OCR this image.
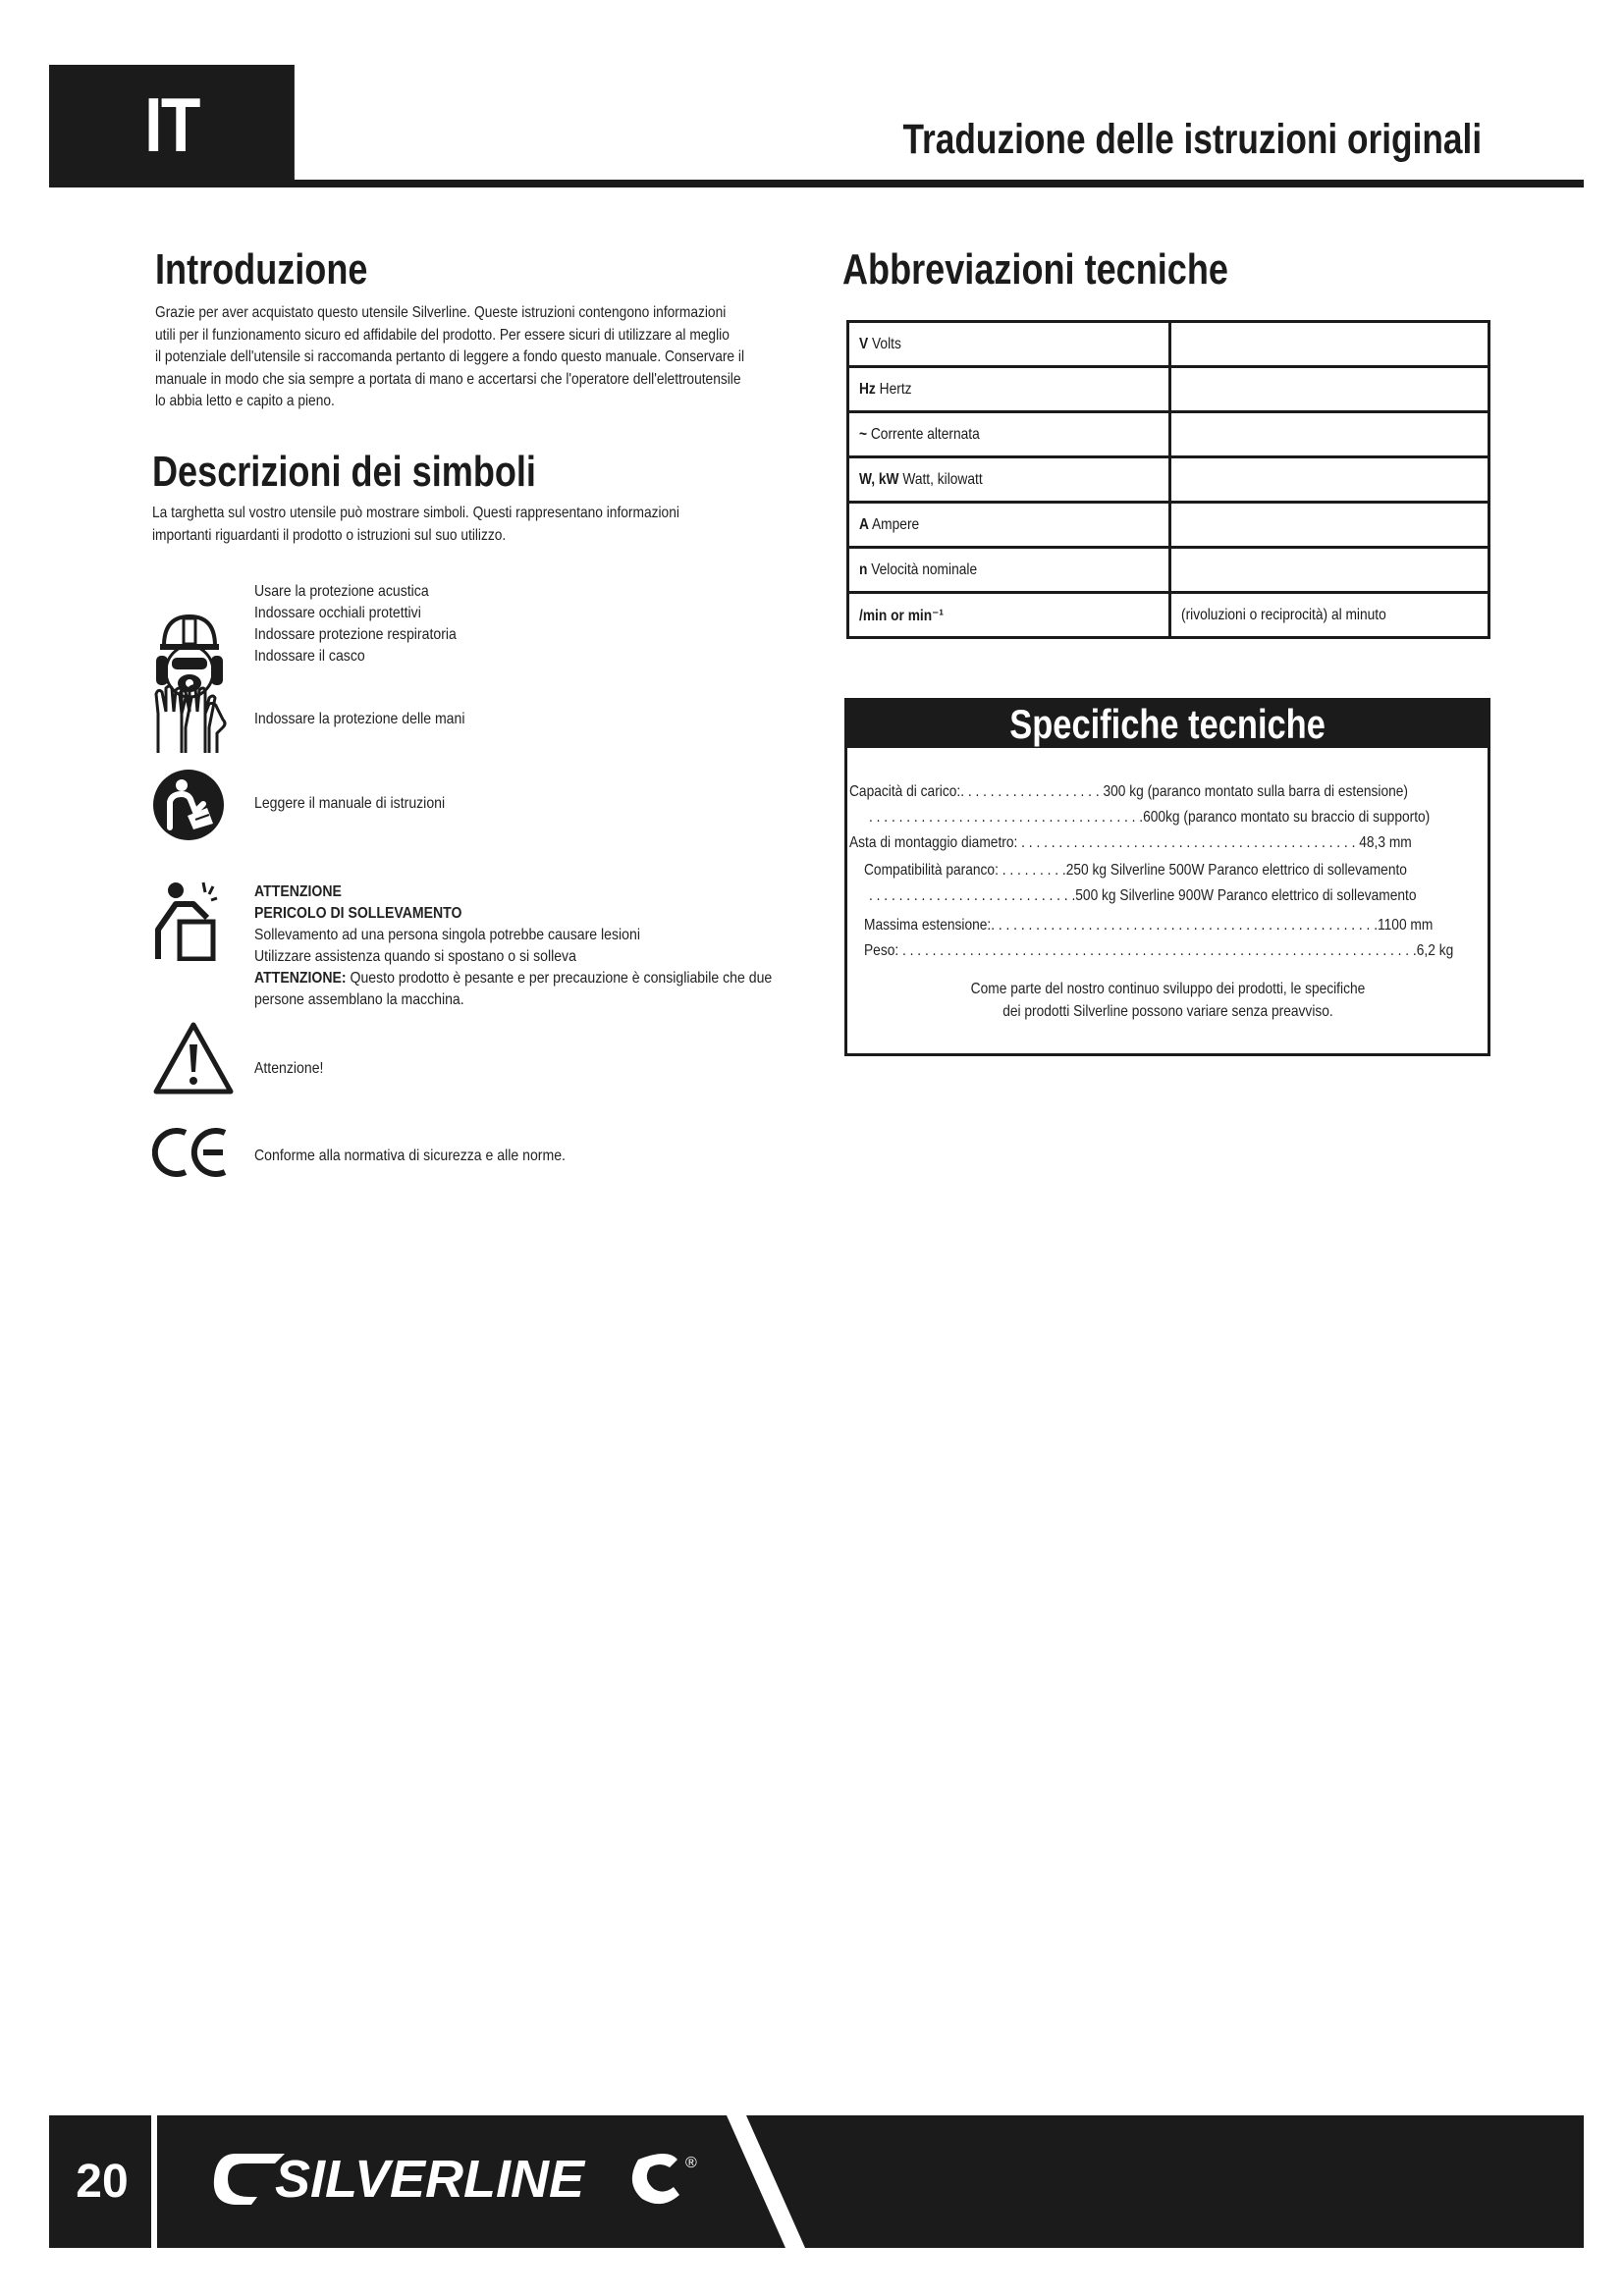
IT	Traduzione delle istruzioni originali
Introduzione
Grazie per aver acquistato questo utensile Silverline. Queste istruzioni contengono informazioni
utili per il funzionamento sicuro ed affidabile del prodotto. Per essere sicuri di utilizzare al meglio
il potenziale dell'utensile si raccomanda pertanto di leggere a fondo questo manuale. Conservare il
manuale in modo che sia sempre a portata di mano e accertarsi che l'operatore dell'elettroutensile
lo abbia letto e capito a pieno.
Descrizioni dei simboli
La targhetta sul vostro utensile può mostrare simboli. Questi rappresentano informazioni
importanti riguardanti il prodotto o istruzioni sul suo utilizzo.
Usare la protezione acustica
Indossare occhiali protettivi
Indossare protezione respiratoria
Indossare il casco
Indossare la protezione delle mani
Leggere il manuale di istruzioni
ATTENZIONE
PERICOLO DI SOLLEVAMENTO
Sollevamento ad una persona singola potrebbe causare lesioni
Utilizzare assistenza quando si spostano o si solleva
ATTENZIONE: Questo prodotto è pesante e per precauzione è consigliabile che due
persone assemblano la macchina.
Attenzione!
Conforme alla normativa di sicurezza e alle norme.
Abbreviazioni tecniche
V Volts	
Hz Hertz	
~ Corrente alternata	
W, kW Watt, kilowatt	
A Ampere	
n Velocità nominale	
/min or min⁻¹	(rivoluzioni o reciprocità) al minuto
Specifiche tecniche
Capacità di carico:. . . . . . . . . . . . . . . . . . . 300 kg (paranco montato sulla barra di estensione)
. . . . . . . . . . . . . . . . . . . . . . . . . . . . . . . . . . . . .600kg (paranco montato su braccio di supporto)
Asta di montaggio diametro: . . . . . . . . . . . . . . . . . . . . . . . . . . . . . . . . . . . . . . . . . . . . . 48,3 mm
Compatibilità paranco: . . . . . . . . .250 kg Silverline 500W Paranco elettrico di sollevamento
. . . . . . . . . . . . . . . . . . . . . . . . . . . .500 kg Silverline 900W Paranco elettrico di sollevamento
Massima estensione:. . . . . . . . . . . . . . . . . . . . . . . . . . . . . . . . . . . . . . . . . . . . . . . . . . . .1100 mm
Peso: . . . . . . . . . . . . . . . . . . . . . . . . . . . . . . . . . . . . . . . . . . . . . . . . . . . . . . . . . . . . . . . . . . . . .6,2 kg
Come parte del nostro continuo sviluppo dei prodotti, le specifiche
dei prodotti Silverline possono variare senza preavviso.
20	SILVERLINE	®
